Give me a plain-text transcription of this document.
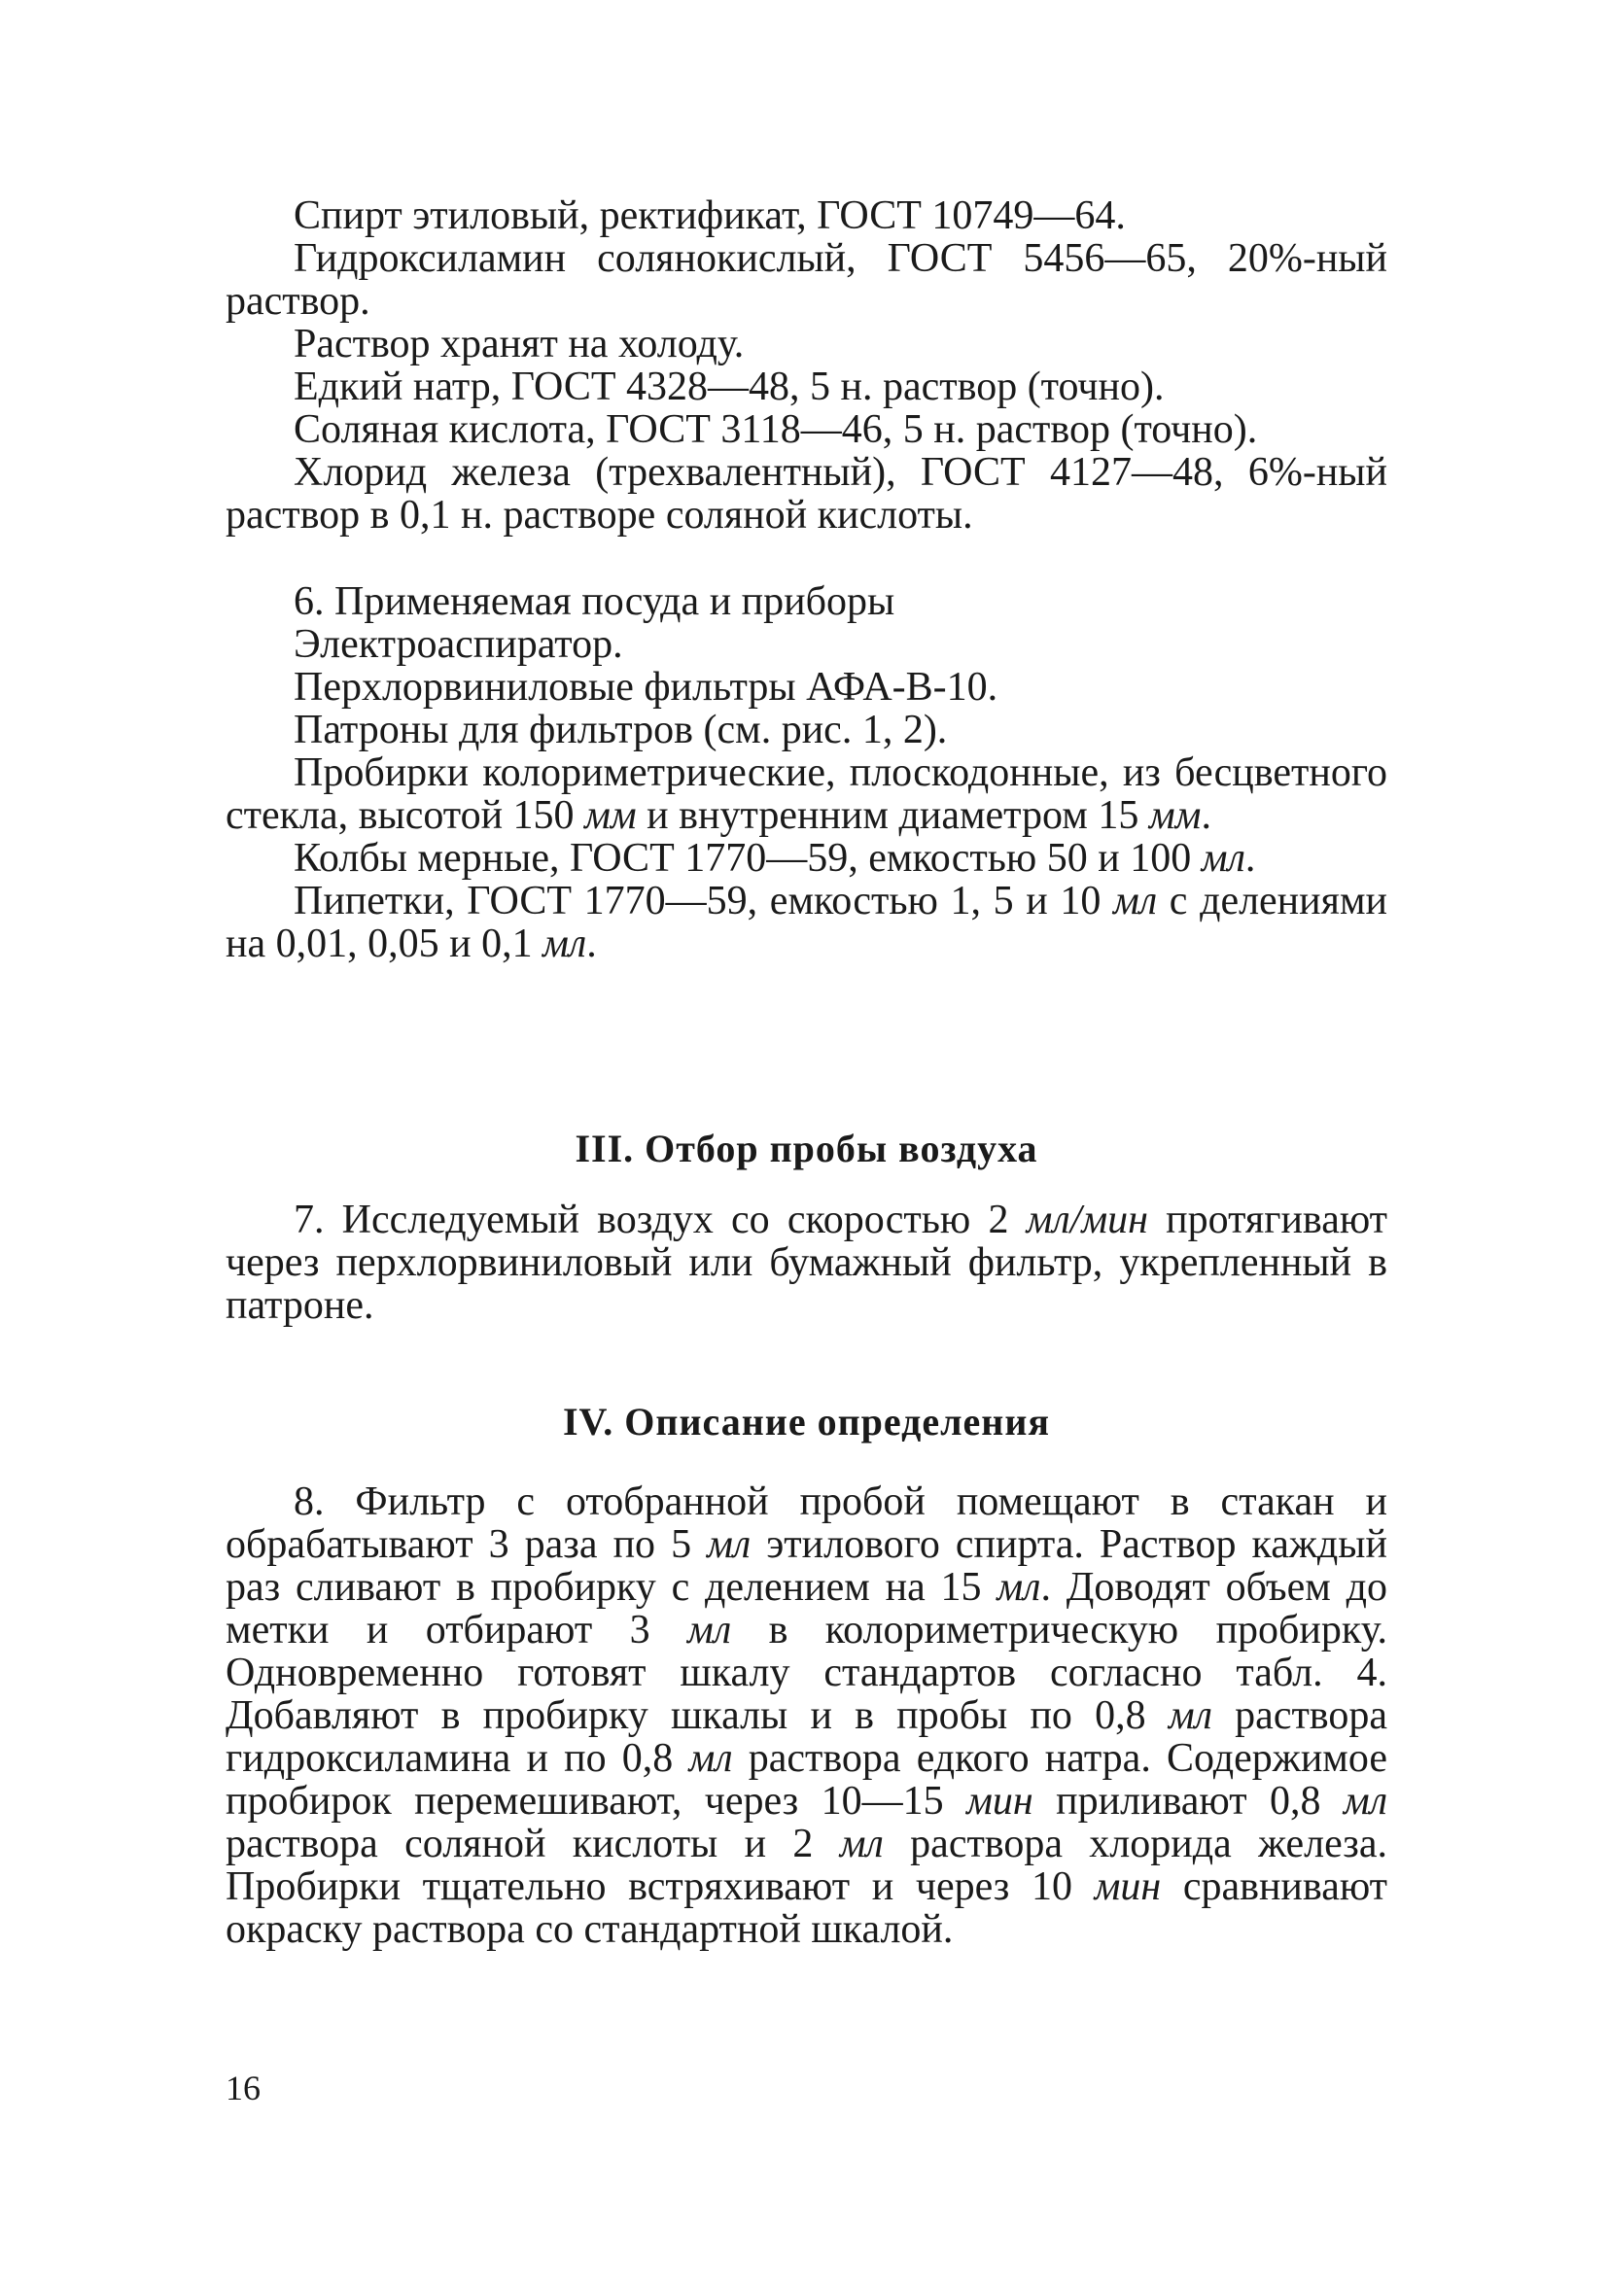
Спирт этиловый, ректификат, ГОСТ 10749—64.

Гидроксиламин солянокислый, ГОСТ 5456—65, 20%-ный раствор.

Раствор хранят на холоду.

Едкий натр, ГОСТ 4328—48, 5 н. раствор (точно).

Соляная кислота, ГОСТ 3118—46, 5 н. раствор (точно).

Хлорид железа (трехвалентный), ГОСТ 4127—48, 6%-ный раствор в 0,1 н. растворе соляной кислоты.

6. Применяемая посуда и приборы

Электроаспиратор.

Перхлорвиниловые фильтры АФА-В-10.

Патроны для фильтров (см. рис. 1, 2).

Пробирки колориметрические, плоскодонные, из бесцветного стекла, высотой 150 мм и внутренним диаметром 15 мм.

Колбы мерные, ГОСТ 1770—59, емкостью 50 и 100 мл.

Пипетки, ГОСТ 1770—59, емкостью 1, 5 и 10 мл с делениями на 0,01, 0,05 и 0,1 мл.

III. Отбор пробы воздуха

7. Исследуемый воздух со скоростью 2 мл/мин протягивают через перхлорвиниловый или бумажный фильтр, укрепленный в патроне.

IV. Описание определения

8. Фильтр с отобранной пробой помещают в стакан и обрабатывают 3 раза по 5 мл этилового спирта. Раствор каждый раз сливают в пробирку с делением на 15 мл. Доводят объем до метки и отбирают 3 мл в колориметрическую пробирку. Одновременно готовят шкалу стандартов согласно табл. 4. Добавляют в пробирку шкалы и в пробы по 0,8 мл раствора гидроксиламина и по 0,8 мл раствора едкого натра. Содержимое пробирок перемешивают, через 10—15 мин приливают 0,8 мл раствора соляной кислоты и 2 мл раствора хлорида железа. Пробирки тщательно встряхивают и через 10 мин сравнивают окраску раствора со стандартной шкалой.

16
